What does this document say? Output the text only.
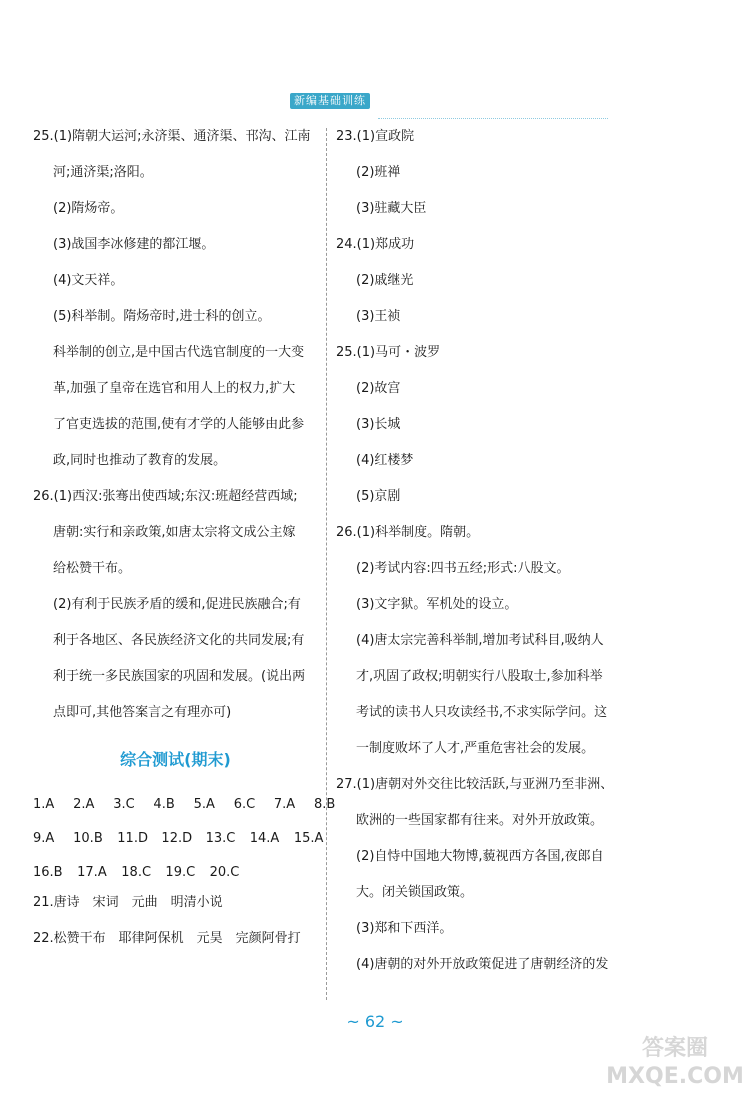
新编基础训练
25.(1)隋朝大运河;永济渠、通济渠、邗沟、江南
河;通济渠;洛阳。
(2)隋炀帝。
(3)战国李冰修建的都江堰。
(4)文天祥。
(5)科举制。隋炀帝时,进士科的创立。
科举制的创立,是中国古代选官制度的一大变
革,加强了皇帝在选官和用人上的权力,扩大
了官吏选拔的范围,使有才学的人能够由此参
政,同时也推动了教育的发展。
26.(1)西汉:张骞出使西域;东汉:班超经营西域;
唐朝:实行和亲政策,如唐太宗将文成公主嫁
给松赞干布。
(2)有利于民族矛盾的缓和,促进民族融合;有
利于各地区、各民族经济文化的共同发展;有
利于统一多民族国家的巩固和发展。(说出两
点即可,其他答案言之有理亦可)
综合测试(期末)
1.A 2.A 3.C 4.B 5.A 6.C 7.A 8.B
9.A 10.B 11.D 12.D 13.C 14.A 15.A
16.B 17.A 18.C 19.C 20.C
21.唐诗　宋词　元曲　明清小说
22.松赞干布　耶律阿保机　元昊　完颜阿骨打
23.(1)宣政院
(2)班禅
(3)驻藏大臣
24.(1)郑成功
(2)戚继光
(3)王祯
25.(1)马可・波罗
(2)故宫
(3)长城
(4)红楼梦
(5)京剧
26.(1)科举制度。隋朝。
(2)考试内容:四书五经;形式:八股文。
(3)文字狱。军机处的设立。
(4)唐太宗完善科举制,增加考试科目,吸纳人
才,巩固了政权;明朝实行八股取士,参加科举
考试的读书人只攻读经书,不求实际学问。这
一制度败坏了人才,严重危害社会的发展。
27.(1)唐朝对外交往比较活跃,与亚洲乃至非洲、
欧洲的一些国家都有往来。对外开放政策。
(2)自恃中国地大物博,藐视西方各国,夜郎自
大。闭关锁国政策。
(3)郑和下西洋。
(4)唐朝的对外开放政策促进了唐朝经济的发
~ 62 ~
答案圈
MXQE.COM
